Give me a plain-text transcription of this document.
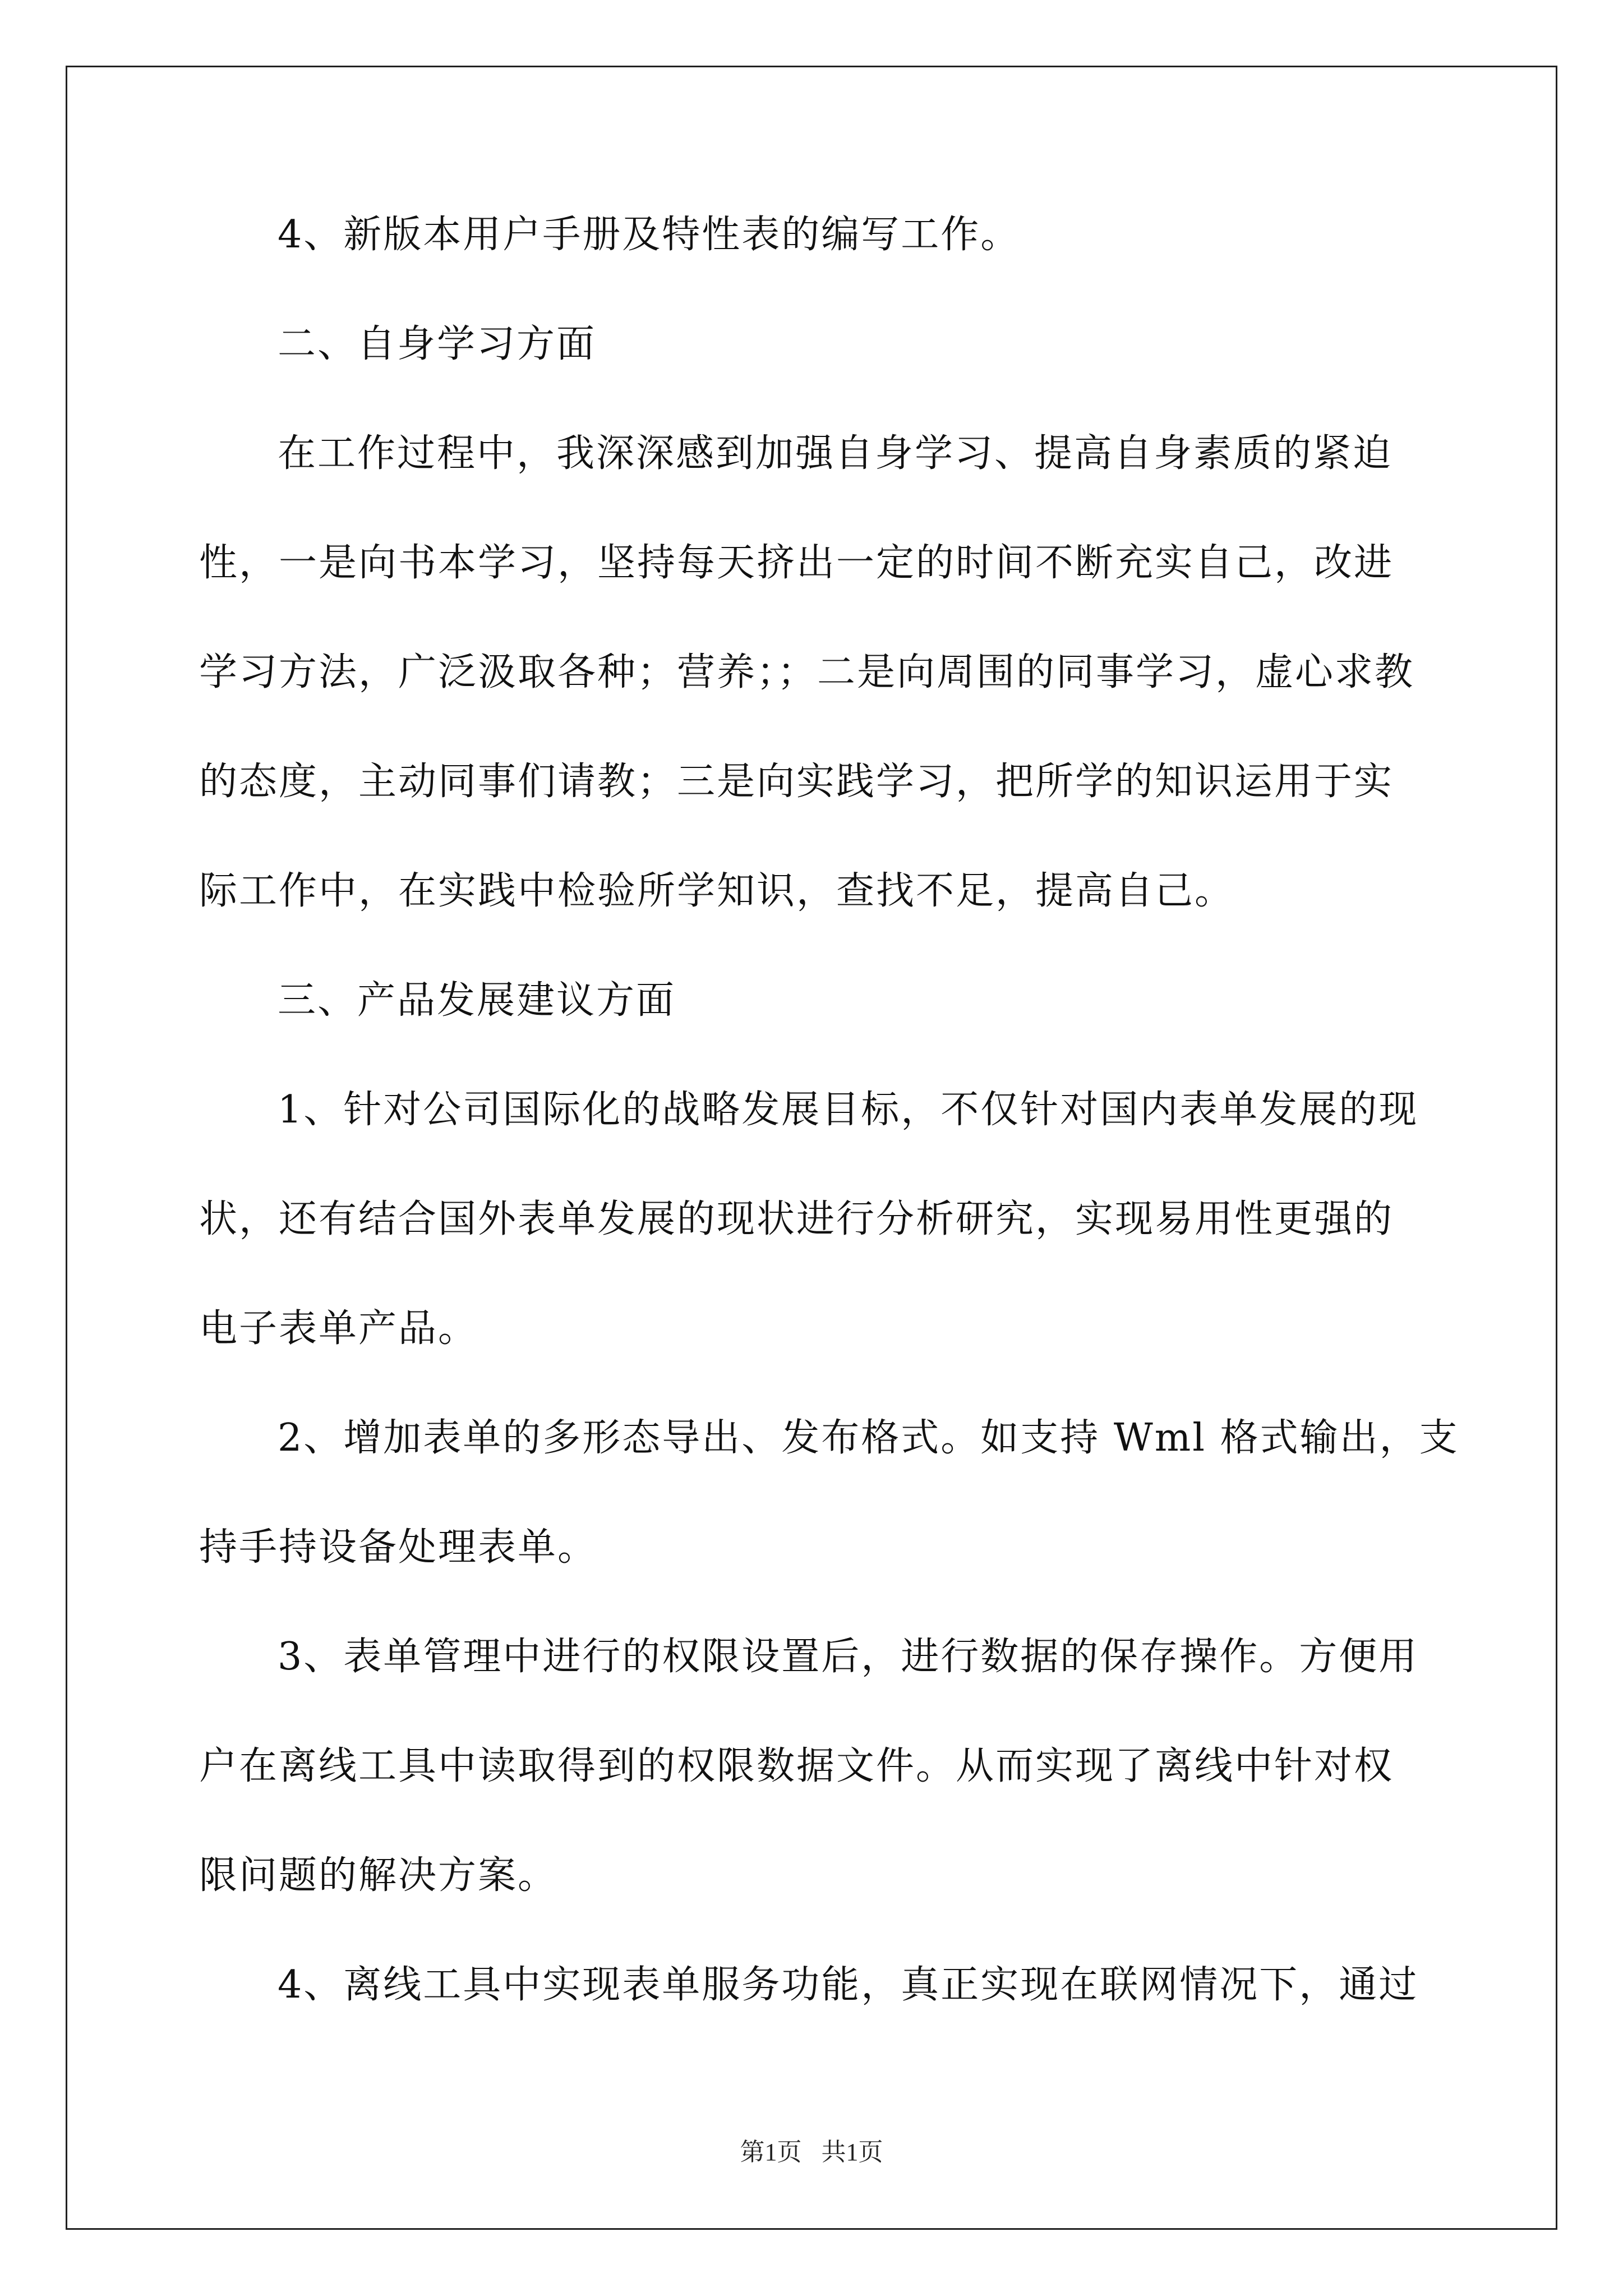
4、新版本用户手册及特性表的编写工作。
二、自身学习方面
在工作过程中，我深深感到加强自身学习、提高自身素质的紧迫
性，一是向书本学习，坚持每天挤出一定的时间不断充实自己，改进
学习方法，广泛汲取各种；营养；；二是向周围的同事学习，虚心求教
的态度，主动同事们请教；三是向实践学习，把所学的知识运用于实
际工作中，在实践中检验所学知识，查找不足，提高自己。
三、产品发展建议方面
1、针对公司国际化的战略发展目标，不仅针对国内表单发展的现
状，还有结合国外表单发展的现状进行分析研究，实现易用性更强的
电子表单产品。
2、增加表单的多形态导出、发布格式。如支持 Wml 格式输出，支
持手持设备处理表单。
3、表单管理中进行的权限设置后，进行数据的保存操作。方便用
户在离线工具中读取得到的权限数据文件。从而实现了离线中针对权
限问题的解决方案。
4、离线工具中实现表单服务功能，真正实现在联网情况下，通过
第1页 共1页
